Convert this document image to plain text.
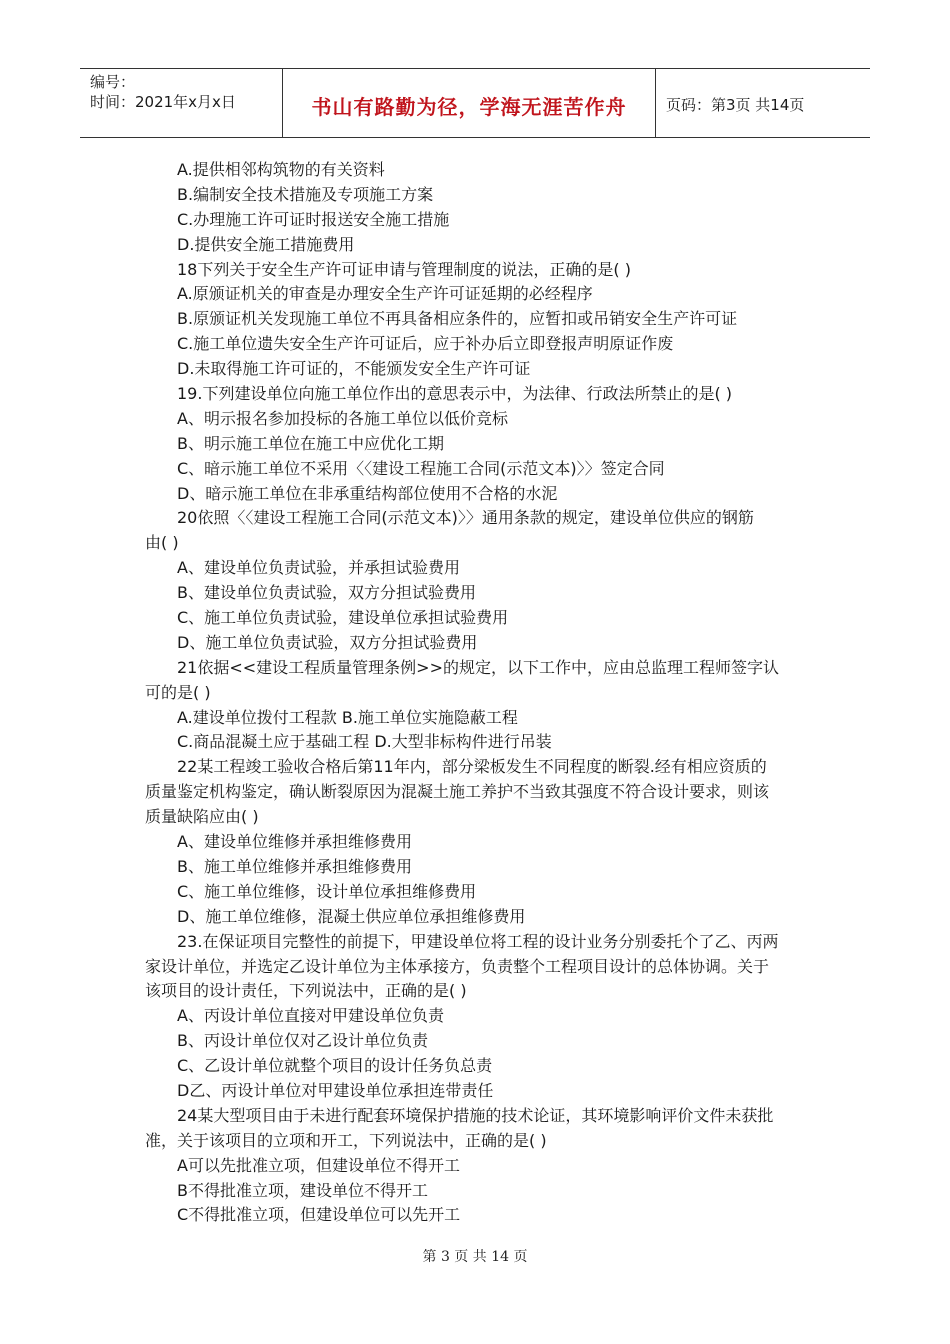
编号：
时间：2021年x月x日	书山有路勤为径，学海无涯苦作舟	页码：第3页 共14页
A.提供相邻构筑物的有关资料
B.编制安全技术措施及专项施工方案
C.办理施工许可证时报送安全施工措施
D.提供安全施工措施费用
18下列关于安全生产许可证申请与管理制度的说法，正确的是( )
A.原颁证机关的审查是办理安全生产许可证延期的必经程序
B.原颁证机关发现施工单位不再具备相应条件的，应暂扣或吊销安全生产许可证
C.施工单位遗失安全生产许可证后，应于补办后立即登报声明原证作废
D.未取得施工许可证的，不能颁发安全生产许可证
19.下列建设单位向施工单位作出的意思表示中，为法律、行政法所禁止的是( )
A、明示报名参加投标的各施工单位以低价竞标
B、明示施工单位在施工中应优化工期
C、暗示施工单位不采用〈〈建设工程施工合同(示范文本)〉〉签定合同
D、暗示施工单位在非承重结构部位使用不合格的水泥
20依照〈〈建设工程施工合同(示范文本)〉〉通用条款的规定，建设单位供应的钢筋
由( )
A、建设单位负责试验，并承担试验费用
B、建设单位负责试验，双方分担试验费用
C、施工单位负责试验，建设单位承担试验费用
D、施工单位负责试验，双方分担试验费用
21依据<<建设工程质量管理条例>>的规定，以下工作中，应由总监理工程师签字认
可的是( )
A.建设单位拨付工程款 B.施工单位实施隐蔽工程
C.商品混凝土应于基础工程 D.大型非标构件进行吊装
22某工程竣工验收合格后第11年内，部分梁板发生不同程度的断裂.经有相应资质的
质量鉴定机构鉴定，确认断裂原因为混凝土施工养护不当致其强度不符合设计要求，则该
质量缺陷应由( )
A、建设单位维修并承担维修费用
B、施工单位维修并承担维修费用
C、施工单位维修，设计单位承担维修费用
D、施工单位维修，混凝土供应单位承担维修费用
23.在保证项目完整性的前提下，甲建设单位将工程的设计业务分别委托个了乙、丙两
家设计单位，并选定乙设计单位为主体承接方，负责整个工程项目设计的总体协调。关于
该项目的设计责任，下列说法中，正确的是( )
A、丙设计单位直接对甲建设单位负责
B、丙设计单位仅对乙设计单位负责
C、乙设计单位就整个项目的设计任务负总责
D乙、丙设计单位对甲建设单位承担连带责任
24某大型项目由于未进行配套环境保护措施的技术论证，其环境影响评价文件未获批
准，关于该项目的立项和开工，下列说法中，正确的是( )
A可以先批准立项，但建设单位不得开工
B不得批准立项，建设单位不得开工
C不得批准立项，但建设单位可以先开工
第 3 页 共 14 页
